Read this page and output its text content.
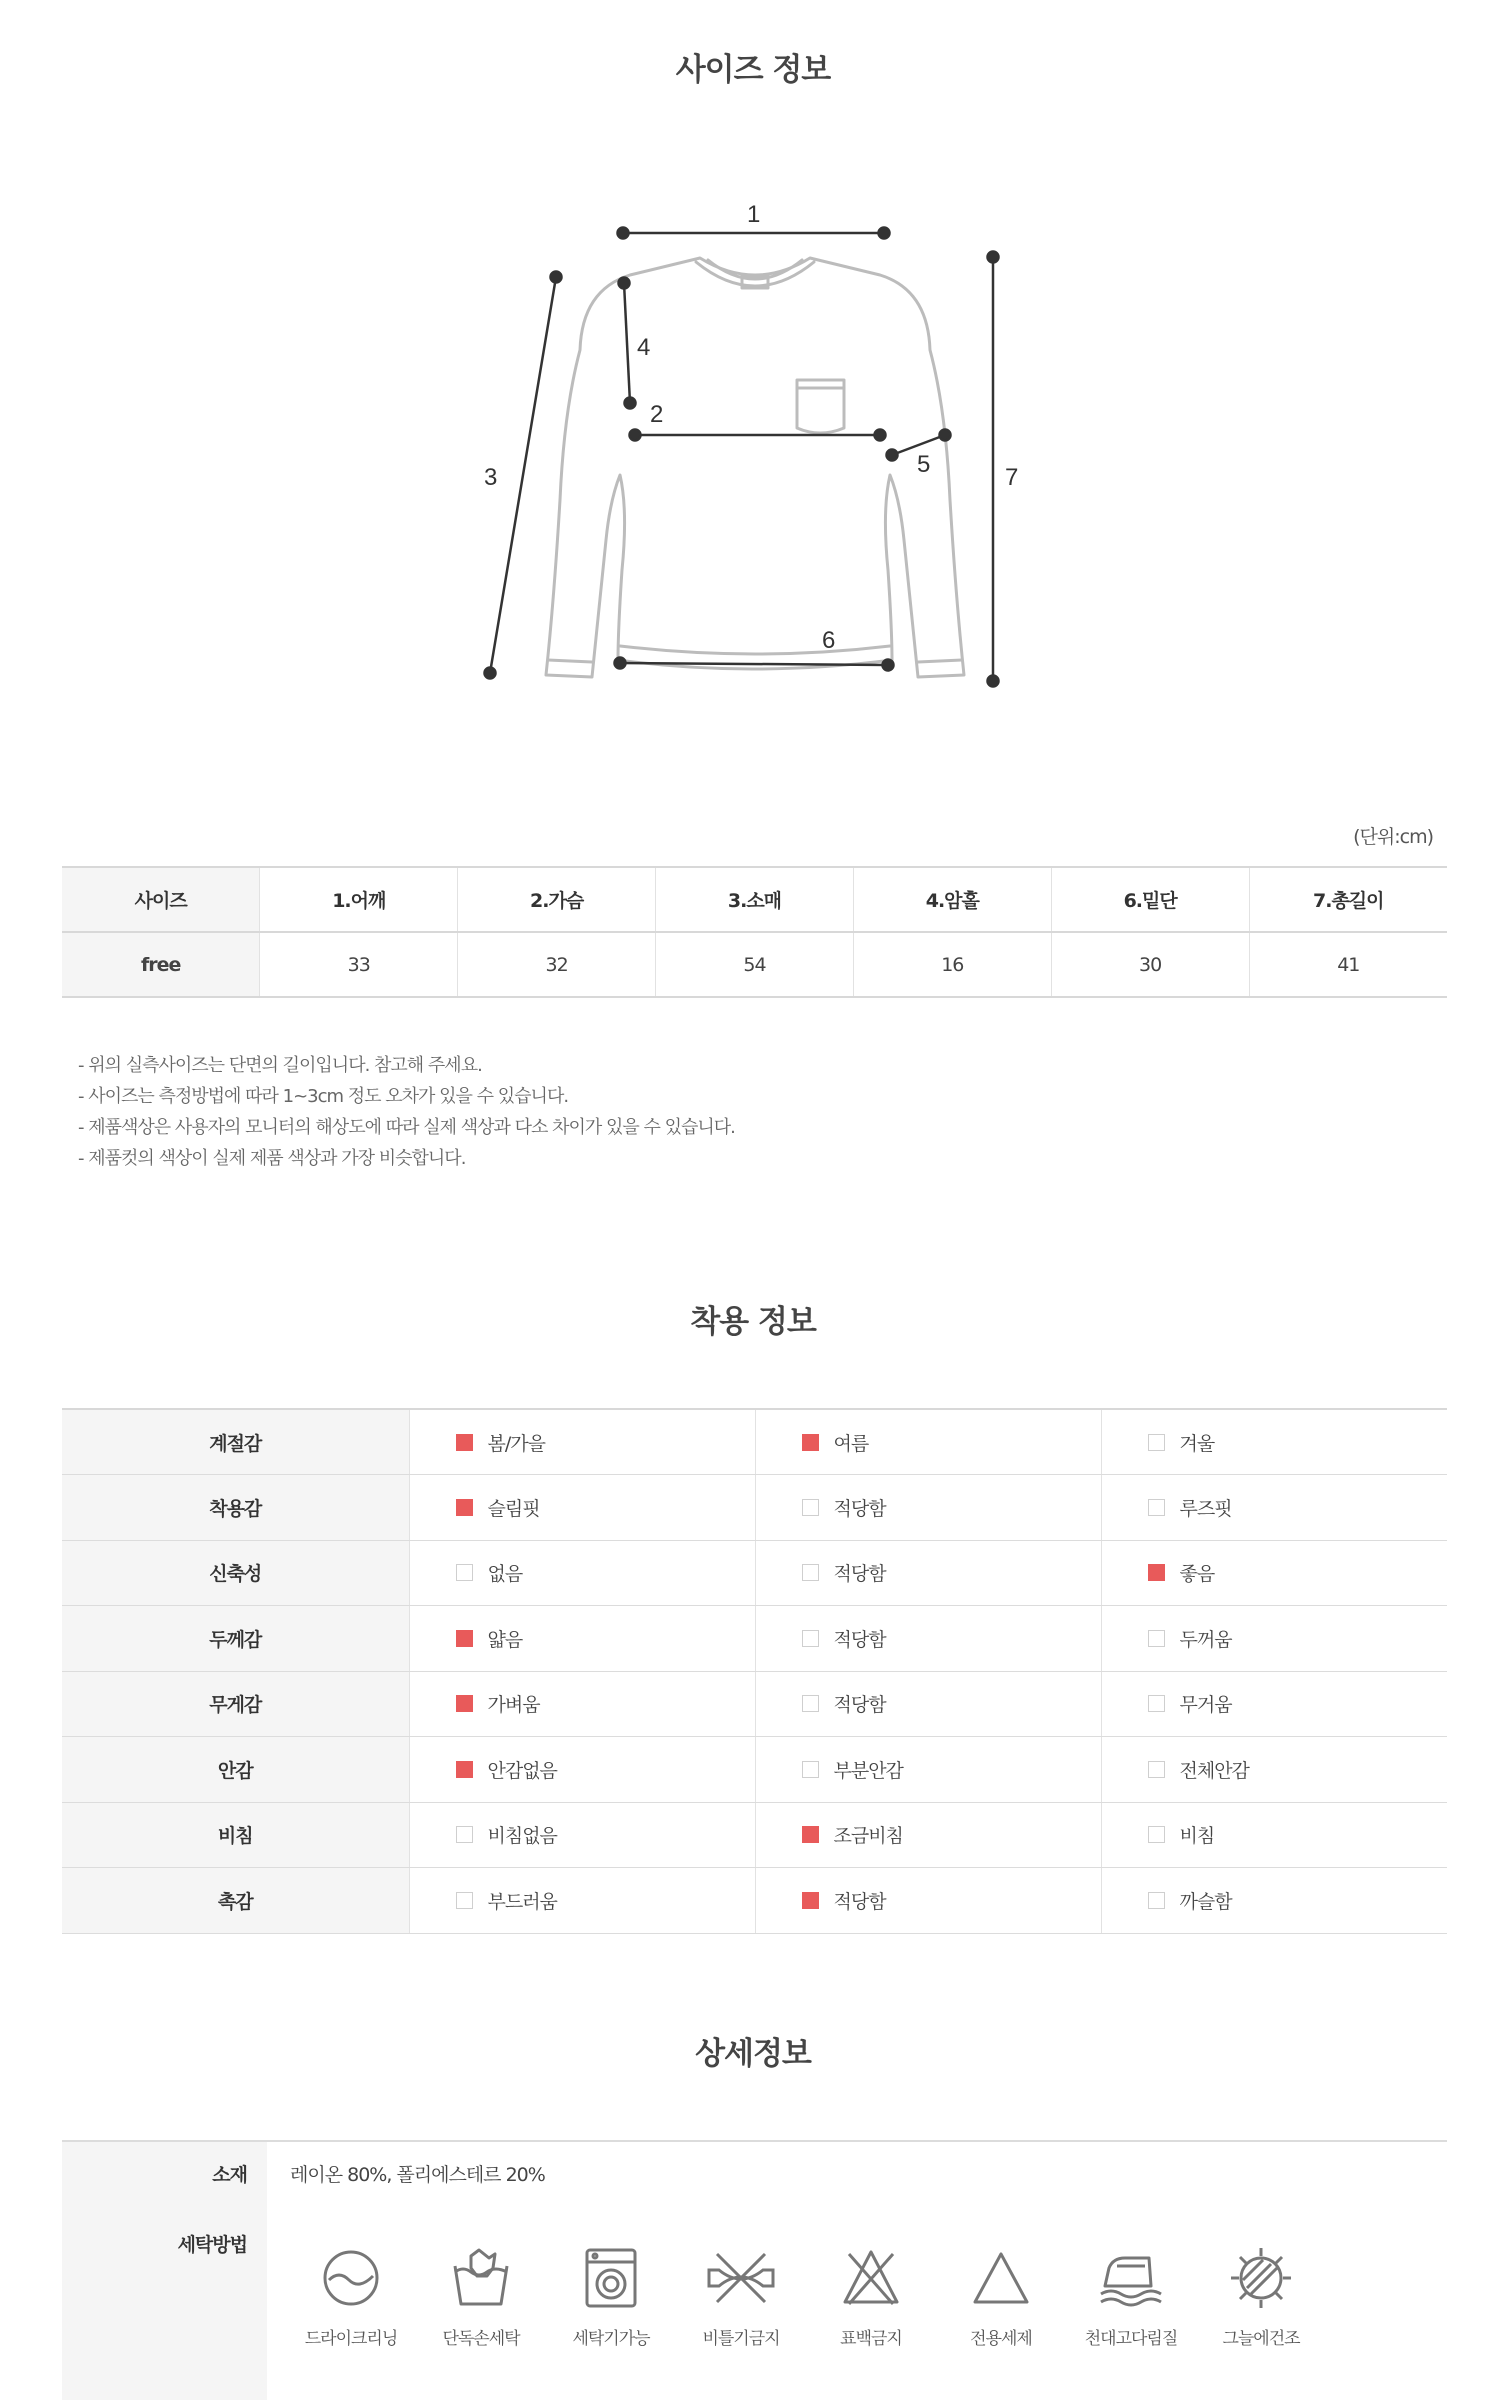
사이즈 정보
1
2
3
4
5
6
7
(단위:cm)
사이즈	1.어깨	2.가슴	3.소매	4.암홀	6.밑단	7.총길이
free	33	32	54	16	30	41
- 위의 실측사이즈는 단면의 길이입니다. 참고해 주세요.
- 사이즈는 측정방법에 따라 1~3cm 정도 오차가 있을 수 있습니다.
- 제품색상은 사용자의 모니터의 해상도에 따라 실제 색상과 다소 차이가 있을 수 있습니다.
- 제품컷의 색상이 실제 제품 색상과 가장 비슷합니다.
착용 정보
계절감	봄/가을	여름	겨울
착용감	슬림핏	적당함	루즈핏
신축성	없음	적당함	좋음
두께감	얇음	적당함	두꺼움
무게감	가벼움	적당함	무거움
안감	안감없음	부분안감	전체안감
비침	비침없음	조금비침	비침
촉감	부드러움	적당함	까슬함
상세정보
소재 레이온 80%, 폴리에스테르 20%
세탁방법
드라이크리닝	단독손세탁	세탁기가능	비틀기금지	표백금지	전용세제	천대고다림질	그늘에건조
